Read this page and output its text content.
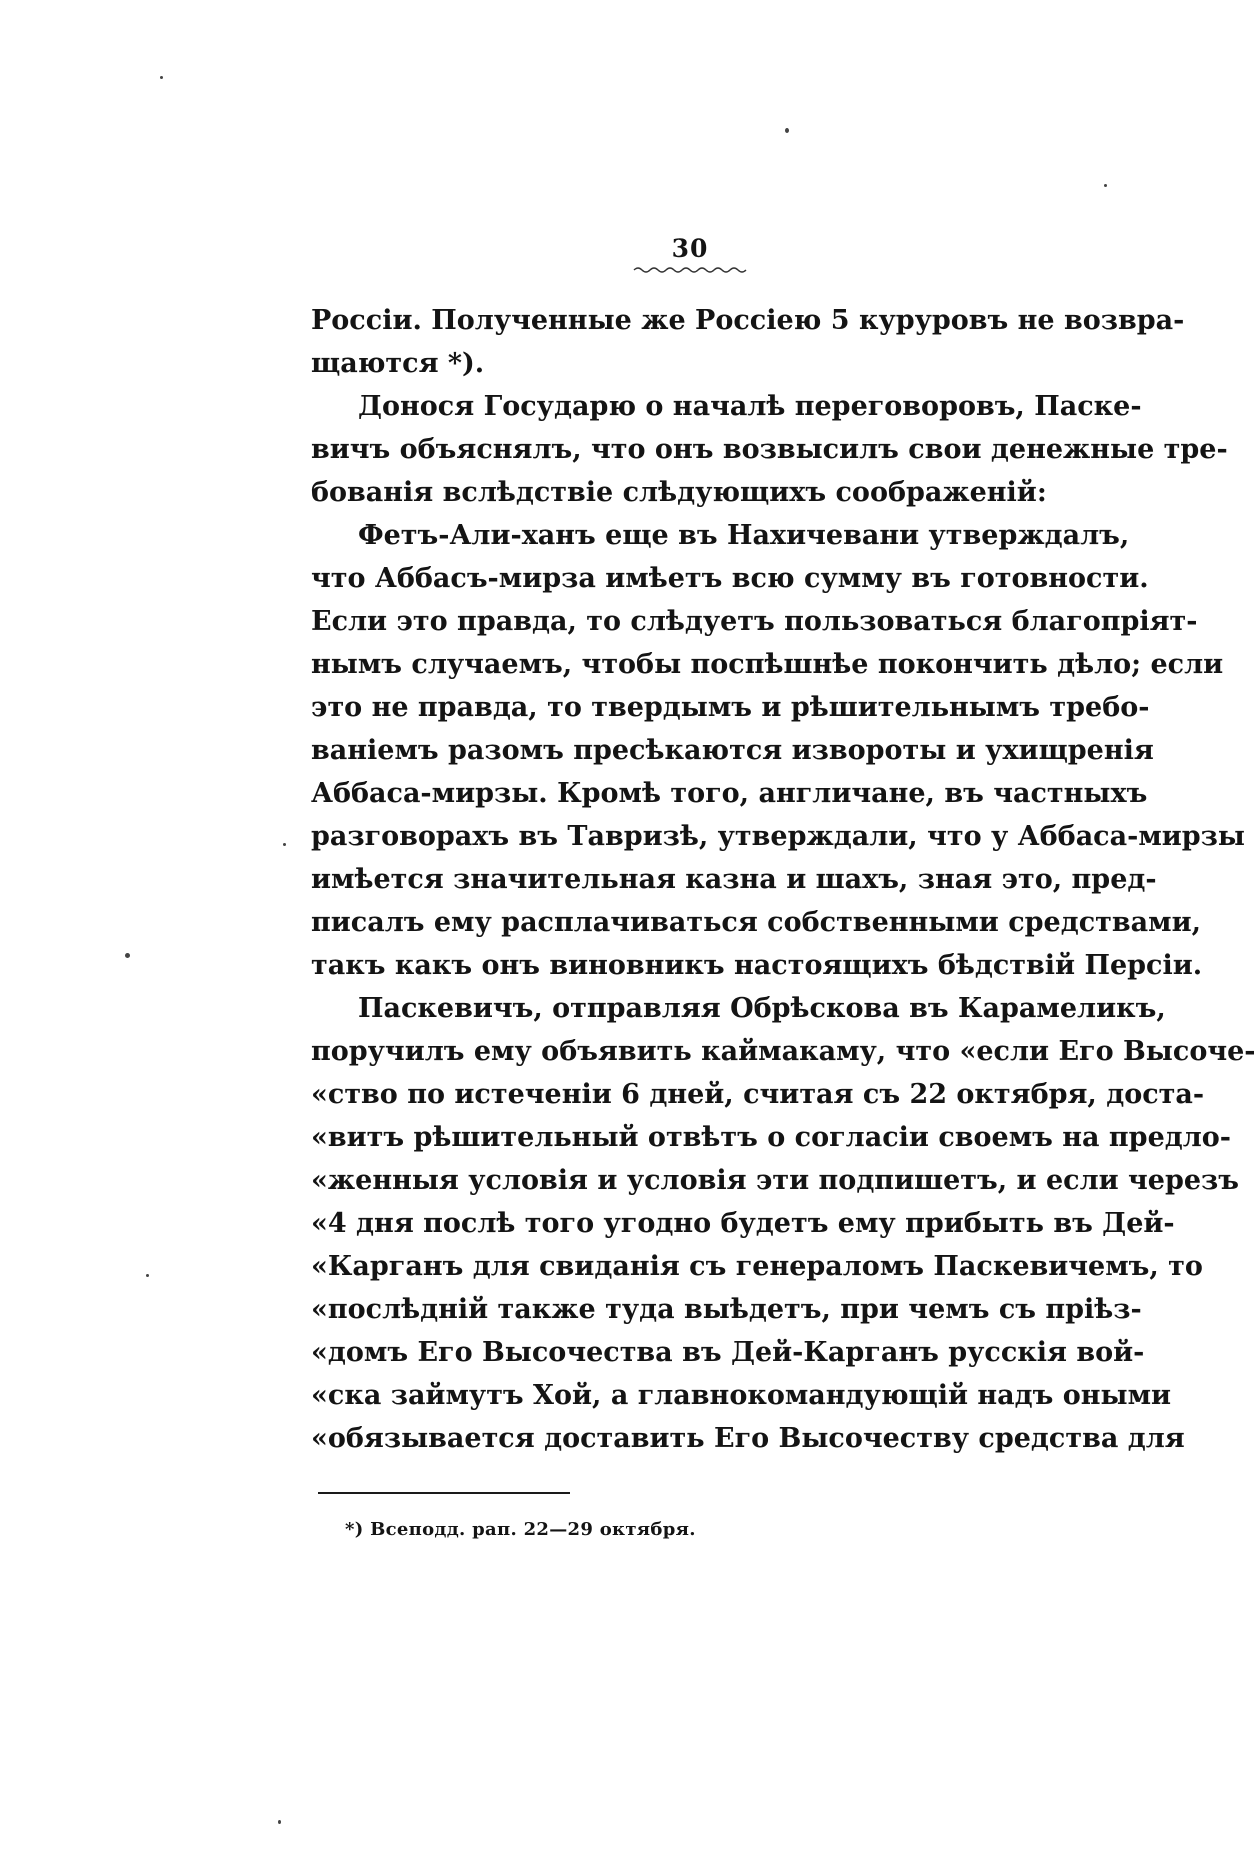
30
Россіи. Полученные же Россіею 5 куруровъ не возвра-
щаются *).
Донося Государю о началѣ переговоровъ, Паске-
вичъ объяснялъ, что онъ возвысилъ свои денежные тре-
бованія вслѣдствіе слѣдующихъ соображеній:
Фетъ-Али-ханъ еще въ Нахичевани утверждалъ,
что Аббасъ-мирза имѣетъ всю сумму въ готовности.
Если это правда, то слѣдуетъ пользоваться благопріят-
нымъ случаемъ, чтобы поспѣшнѣе покончить дѣло; если
это не правда, то твердымъ и рѣшительнымъ требо-
ваніемъ разомъ пресѣкаются извороты и ухищренія
Аббаса-мирзы. Кромѣ того, англичане, въ частныхъ
разговорахъ въ Тавризѣ, утверждали, что у Аббаса-мирзы
имѣется значительная казна и шахъ, зная это, пред-
писалъ ему расплачиваться собственными средствами,
такъ какъ онъ виновникъ настоящихъ бѣдствій Персіи.
Паскевичъ, отправляя Обрѣскова въ Карамеликъ,
поручилъ ему объявить каймакаму, что «если Его Высоче-
«ство по истеченіи 6 дней, считая съ 22 октября, доста-
«витъ рѣшительный отвѣтъ о согласіи своемъ на предло-
«женныя условія и условія эти подпишетъ, и если черезъ
«4 дня послѣ того угодно будетъ ему прибыть въ Дей-
«Карганъ для свиданія съ генераломъ Паскевичемъ, то
«послѣдній также туда выѣдетъ, при чемъ съ пріѣз-
«домъ Его Высочества въ Дей-Карганъ русскія вой-
«ска займутъ Хой, а главнокомандующій надъ оными
«обязывается доставить Его Высочеству средства для
*) Всеподд. рап. 22—29 октября.
